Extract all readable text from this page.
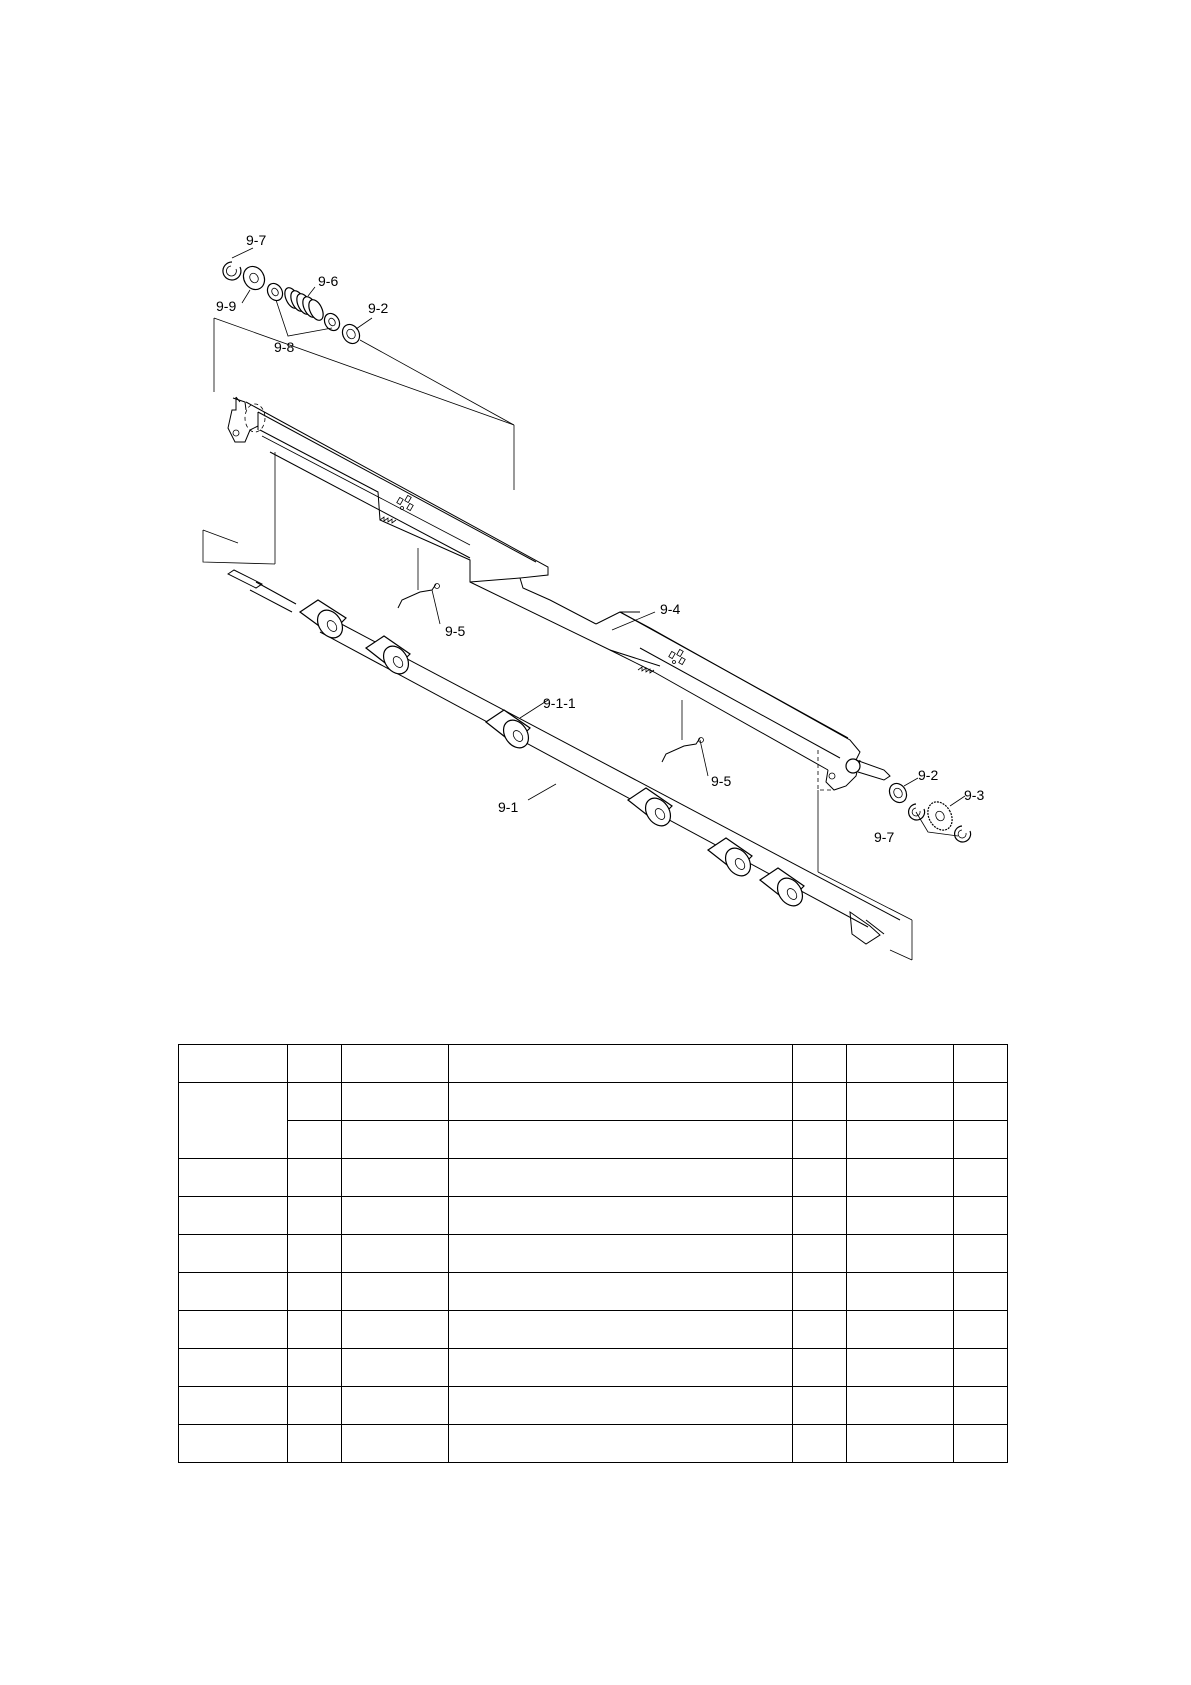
9-7
9-9
9-6
9-2
9-8
9-5
9-4
9-1-1
9-5
9-1
9-2
9-3
9-7
